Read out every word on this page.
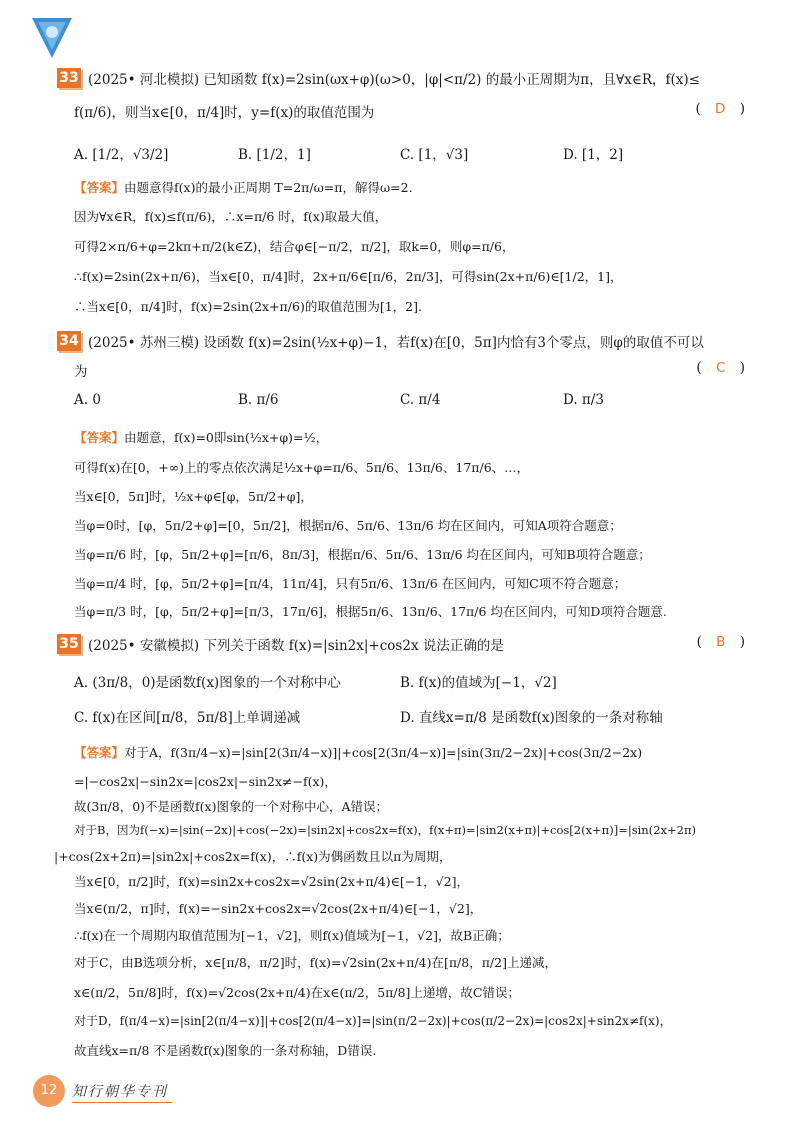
33 (2025• 河北模拟) 已知函数 f(x)=2sin(ωx+φ)(ω>0，|φ|<π/2) 的最小正周期为π，且∀x∈R，f(x)≤
f(π/6)，则当x∈[0，π/4]时，y=f(x)的取值范围为	( D )
A. [1/2，√3/2]	B. [1/2，1]	C. [1，√3]	D. [1，2]
【答案】由题意得f(x)的最小正周期 T=2π/ω=π，解得ω=2.
因为∀x∈R，f(x)≤f(π/6)，∴x=π/6 时，f(x)取最大值，
可得2×π/6+φ=2kπ+π/2(k∈Z)，结合φ∈[−π/2，π/2]，取k=0，则φ=π/6，
∴f(x)=2sin(2x+π/6)，当x∈[0，π/4]时，2x+π/6∈[π/6，2π/3]，可得sin(2x+π/6)∈[1/2，1]，
∴当x∈[0，π/4]时，f(x)=2sin(2x+π/6)的取值范围为[1，2].
34 (2025• 苏州三模) 设函数 f(x)=2sin(½x+φ)−1，若f(x)在[0，5π]内恰有3个零点，则φ的取值不可以
为	( C )
A. 0	B. π/6	C. π/4	D. π/3
【答案】由题意，f(x)=0即sin(½x+φ)=½，
可得f(x)在[0，+∞)上的零点依次满足½x+φ=π/6、5π/6、13π/6、17π/6、…，
当x∈[0，5π]时，½x+φ∈[φ，5π/2+φ]，
当φ=0时，[φ，5π/2+φ]=[0，5π/2]，根据π/6、5π/6、13π/6 均在区间内，可知A项符合题意；
当φ=π/6 时，[φ，5π/2+φ]=[π/6，8π/3]，根据π/6、5π/6、13π/6 均在区间内，可知B项符合题意；
当φ=π/4 时，[φ，5π/2+φ]=[π/4，11π/4]，只有5π/6、13π/6 在区间内，可知C项不符合题意；
当φ=π/3 时，[φ，5π/2+φ]=[π/3，17π/6]，根据5π/6、13π/6、17π/6 均在区间内，可知D项符合题意.
35 (2025• 安徽模拟) 下列关于函数 f(x)=|sin2x|+cos2x 说法正确的是	( B )
A. (3π/8，0)是函数f(x)图象的一个对称中心	B. f(x)的值域为[−1，√2]
C. f(x)在区间[π/8，5π/8]上单调递减	D. 直线x=π/8 是函数f(x)图象的一条对称轴
【答案】对于A，f(3π/4−x)=|sin[2(3π/4−x)]|+cos[2(3π/4−x)]=|sin(3π/2−2x)|+cos(3π/2−2x)
=|−cos2x|−sin2x=|cos2x|−sin2x≠−f(x)，
故(3π/8，0)不是函数f(x)图象的一个对称中心，A错误；
对于B，因为f(−x)=|sin(−2x)|+cos(−2x)=|sin2x|+cos2x=f(x)，f(x+π)=|sin2(x+π)|+cos[2(x+π)]=|sin(2x+2π)
|+cos(2x+2π)=|sin2x|+cos2x=f(x)，∴f(x)为偶函数且以π为周期，
当x∈[0，π/2]时，f(x)=sin2x+cos2x=√2sin(2x+π/4)∈[−1，√2]，
当x∈(π/2，π]时，f(x)=−sin2x+cos2x=√2cos(2x+π/4)∈[−1，√2]，
∴f(x)在一个周期内取值范围为[−1，√2]，则f(x)值域为[−1，√2]，故B正确；
对于C，由B选项分析，x∈[π/8，π/2]时，f(x)=√2sin(2x+π/4)在[π/8，π/2]上递减，
x∈(π/2，5π/8]时，f(x)=√2cos(2x+π/4)在x∈(π/2，5π/8]上递增，故C错误；
对于D，f(π/4−x)=|sin[2(π/4−x)]|+cos[2(π/4−x)]=|sin(π/2−2x)|+cos(π/2−2x)=|cos2x|+sin2x≠f(x)，
故直线x=π/8 不是函数f(x)图象的一条对称轴，D错误.
12	知行朝华专刊
